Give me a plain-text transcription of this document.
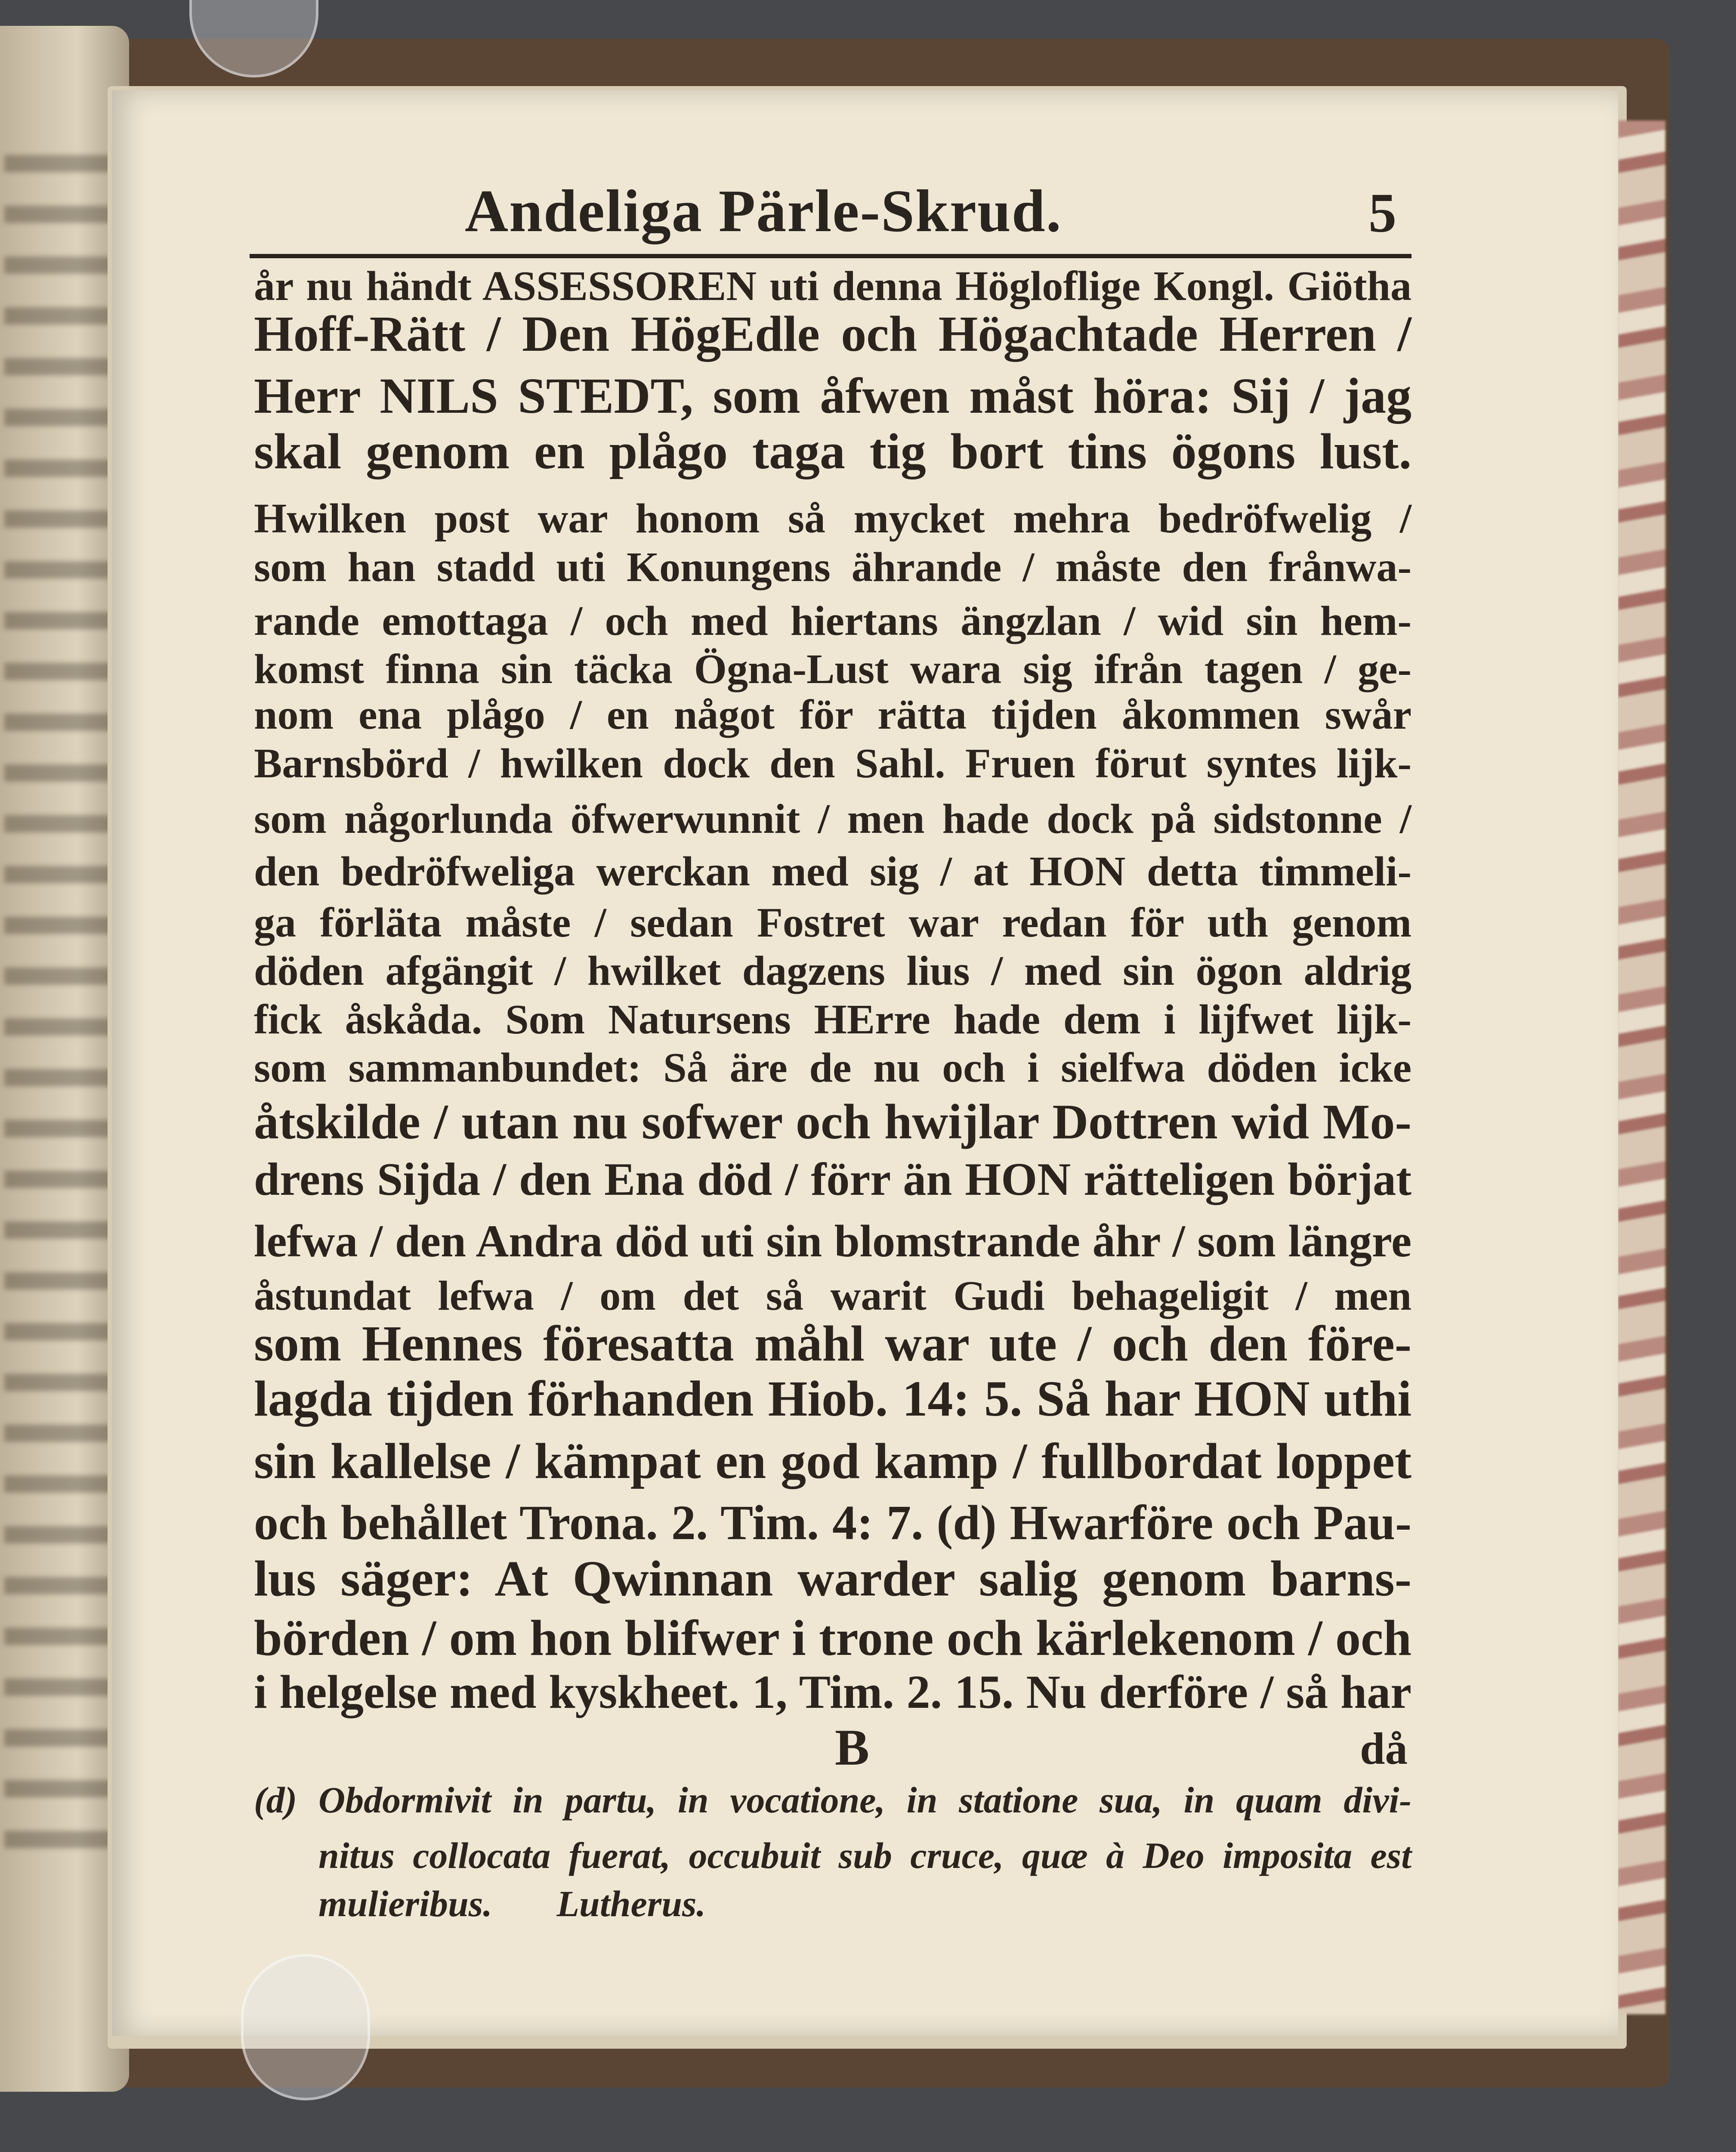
Andeliga Pärle-Skrud.	5
år nu händt ASSESSOREN uti denna Högloflige Kongl. Giötha
Hoff-Rätt / Den HögEdle och Högachtade Herren /
Herr NILS STEDT, som åfwen måst höra: Sij / jag
skal genom en plågo taga tig bort tins ögons lust.
Hwilken post war honom så mycket mehra bedröfwelig /
som han stadd uti Konungens ährande / måste den frånwa-
rande emottaga / och med hiertans ängzlan / wid sin hem-
komst finna sin täcka Ögna-Lust wara sig ifrån tagen / ge-
nom ena plågo / en något för rätta tijden åkommen swår
Barnsbörd / hwilken dock den Sahl. Fruen förut syntes lijk-
som någorlunda öfwerwunnit / men hade dock på sidstonne /
den bedröfweliga werckan med sig / at HON detta timmeli-
ga förläta måste / sedan Fostret war redan för uth genom
döden afgängit / hwilket dagzens lius / med sin ögon aldrig
fick åskåda. Som Natursens HErre hade dem i lijfwet lijk-
som sammanbundet: Så äre de nu och i sielfwa döden icke
åtskilde / utan nu sofwer och hwijlar Dottren wid Mo-
drens Sijda / den Ena död / förr än HON rätteligen börjat
lefwa / den Andra död uti sin blomstrande åhr / som längre
åstundat lefwa / om det så warit Gudi behageligit / men
som Hennes föresatta måhl war ute / och den före-
lagda tijden förhanden Hiob. 14: 5. Så har HON uthi
sin kallelse / kämpat en god kamp / fullbordat loppet
och behållet Trona. 2. Tim. 4: 7. (d) Hwarföre och Pau-
lus säger: At Qwinnan warder salig genom barns-
börden / om hon blifwer i trone och kärlekenom / och
i helgelse med kyskheet. 1, Tim. 2. 15. Nu derföre / så har
(d) Obdormivit in partu, in vocatione, in statione sua, in quam divi-
nitus collocata fuerat, occubuit sub cruce, quæ à Deo imposita est
mulieribus. Lutherus.
B	då
